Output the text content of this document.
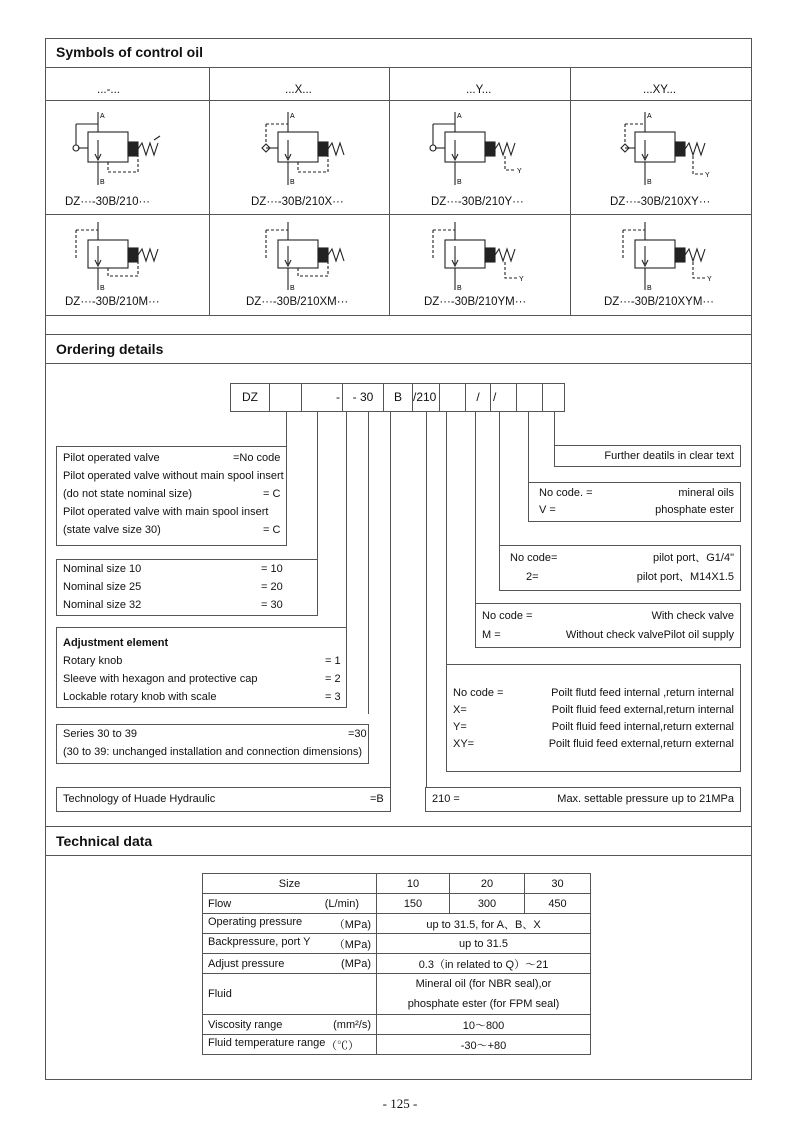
Symbols of control oil
...-...	...X...	...Y...	...XY...
A
B
A
B
A
B
Y
A
B
Y
DZ···-30B/210···	DZ···-30B/210X···	DZ···-30B/210Y···	DZ···-30B/210XY···
B	B	B
Y
B
Y
DZ···-30B/210M···	DZ···-30B/210XM···	DZ···-30B/210YM···	DZ···-30B/210XYM···
Ordering details
DZ	-	- 30	B /210	/	/
Pilot operated valve	=No code
Pilot operated valve without main spool insert
(do not state nominal size)	= C
Pilot operated valve with main spool insert
(state valve size 30)	= C
Nominal size 10	= 10
Nominal size 25	= 20
Nominal size 32	= 30
Adjustment element
Rotary knob	= 1
Sleeve with hexagon and protective cap	= 2
Lockable rotary knob with scale	= 3
Series 30 to 39	=30
(30 to 39: unchanged installation and connection dimensions)
Technology of Huade Hydraulic	=B	210 =	Max. settable pressure up to 21MPa
Further deatils in clear text
No code. =	mineral oils
V =	phosphate ester
No code=	pilot port、G1/4"
2=	pilot port、M14X1.5
No code =	With check valve
M =	Without check valvePilot oil supply
No code =	Poilt flutd feed internal ,return internal
X=	Poilt fluid feed external,return internal
Y=	Poilt fluid feed internal,return external
XY=	Poilt fluid feed external,return external
Technical data
Size	10	20	30
Flow (L/min)	150	300	450
Operating pressure （MPa)	up to 31.5, for A、B、X		
Backpressure, port Y （MPa)	up to 31.5		
Adjust pressure (MPa)	0.3（in related to Q）～21		
Fluid	Mineral oil (for NBR seal),or
phosphate ester (for FPM seal)		

Viscosity range (mm²/s)	10～800		
Fluid temperature range （℃）	-30～+80		
- 125 -
